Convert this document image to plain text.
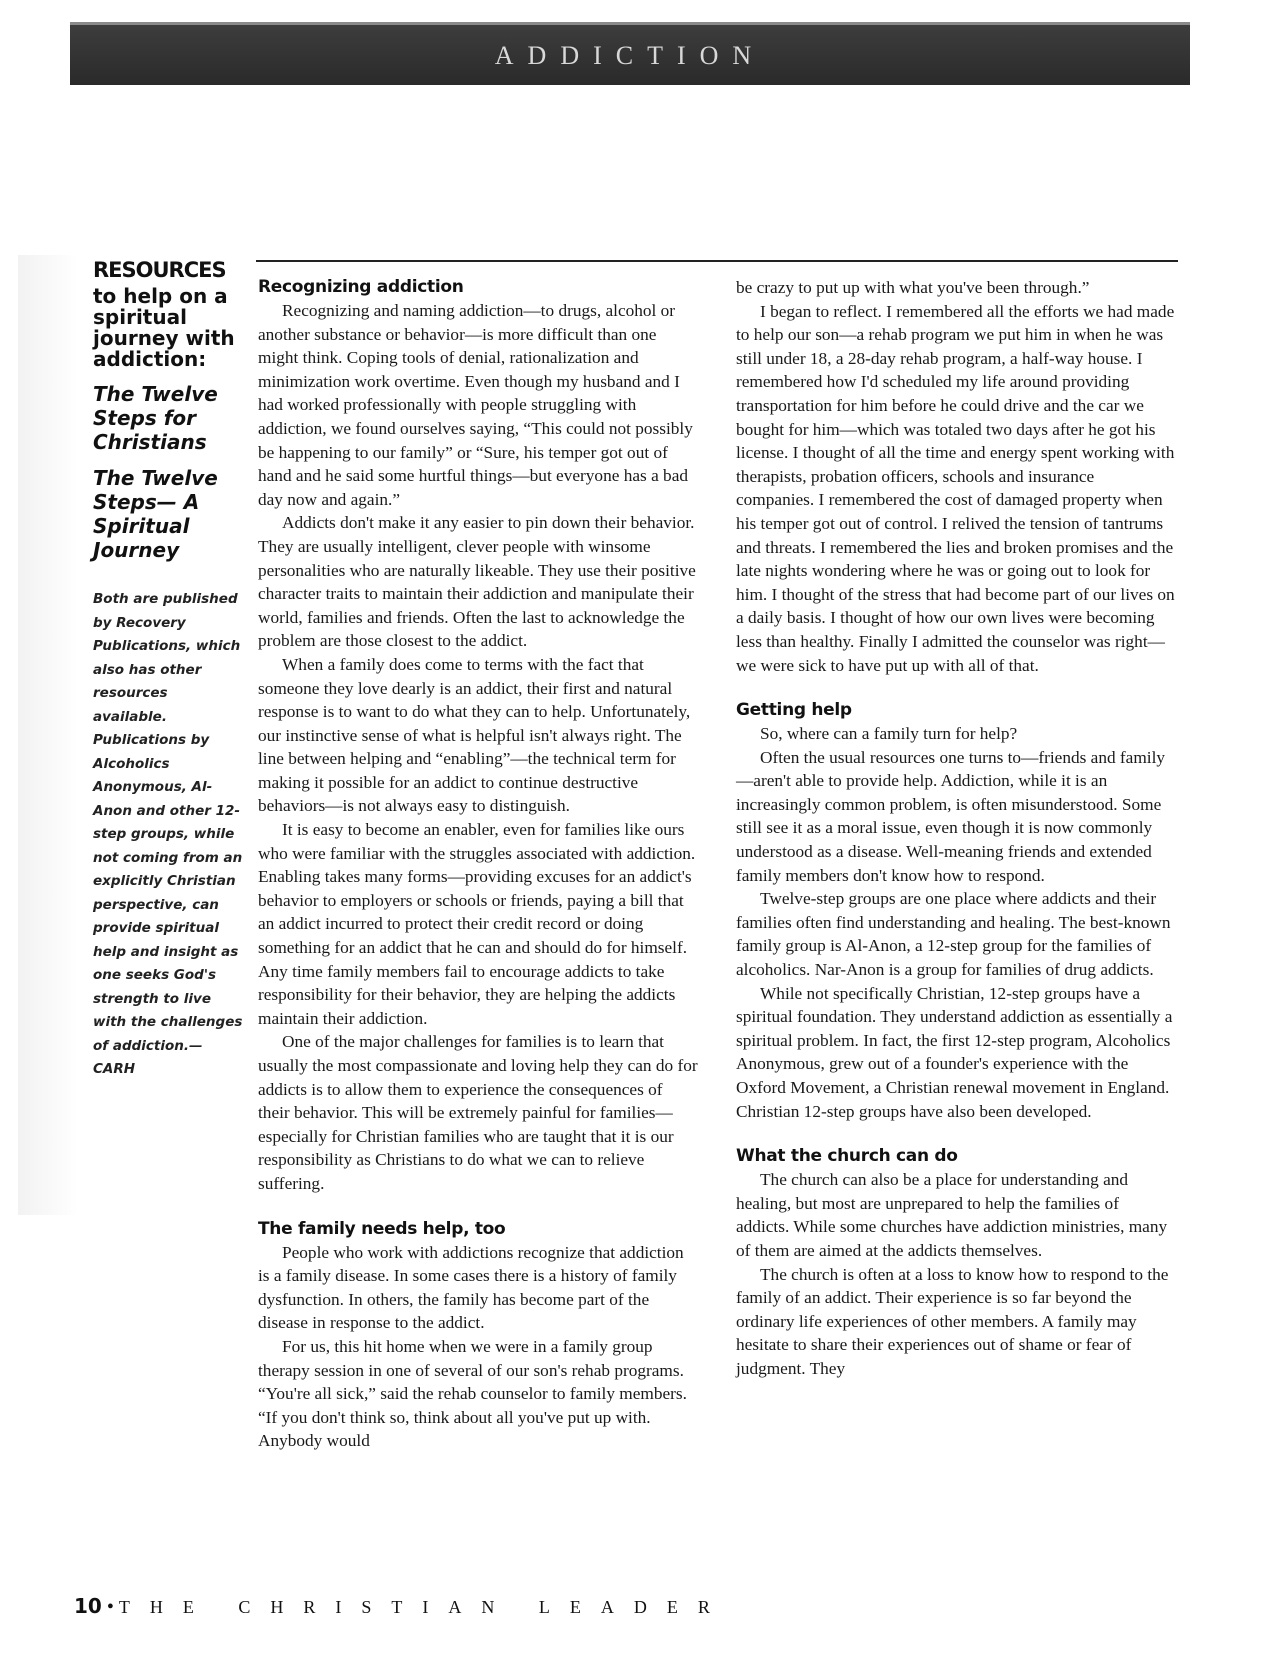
ADDICTION
RESOURCES
to help on a spiritual journey with addiction:
The Twelve Steps for Christians
The Twelve Steps— A Spiritual Journey
Both are published by Recovery Publications, which also has other resources available. Publications by Alcoholics Anonymous, Al-Anon and other 12-step groups, while not coming from an explicitly Christian perspective, can provide spiritual help and insight as one seeks God's strength to live with the challenges of addiction.—CARH
Recognizing addiction

Recognizing and naming addiction—to drugs, alcohol or another substance or behavior—is more difficult than one might think. Coping tools of denial, rationalization and minimization work overtime. Even though my husband and I had worked professionally with people struggling with addiction, we found ourselves saying, “This could not possibly be happening to our family” or “Sure, his temper got out of hand and he said some hurtful things—but everyone has a bad day now and again.”

Addicts don't make it any easier to pin down their behavior. They are usually intelligent, clever people with winsome personalities who are naturally likeable. They use their positive character traits to maintain their addiction and manipulate their world, families and friends. Often the last to acknowledge the problem are those closest to the addict.

When a family does come to terms with the fact that someone they love dearly is an addict, their first and natural response is to want to do what they can to help. Unfortunately, our instinctive sense of what is helpful isn't always right. The line between helping and “enabling”—the technical term for making it possible for an addict to continue destructive behaviors—is not always easy to distinguish.

It is easy to become an enabler, even for families like ours who were familiar with the struggles associated with addiction. Enabling takes many forms—providing excuses for an addict's behavior to employers or schools or friends, paying a bill that an addict incurred to protect their credit record or doing something for an addict that he can and should do for himself. Any time family members fail to encourage addicts to take responsibility for their behavior, they are helping the addicts maintain their addiction.

One of the major challenges for families is to learn that usually the most compassionate and loving help they can do for addicts is to allow them to experience the consequences of their behavior. This will be extremely painful for families—especially for Christian families who are taught that it is our responsibility as Christians to do what we can to relieve suffering.

The family needs help, too

People who work with addictions recognize that addiction is a family disease. In some cases there is a history of family dysfunction. In others, the family has become part of the disease in response to the addict.

For us, this hit home when we were in a family group therapy session in one of several of our son's rehab programs. “You're all sick,” said the rehab counselor to family members. “If you don't think so, think about all you've put up with. Anybody would

be crazy to put up with what you've been through.”

I began to reflect. I remembered all the efforts we had made to help our son—a rehab program we put him in when he was still under 18, a 28-day rehab program, a half-way house. I remembered how I'd scheduled my life around providing transportation for him before he could drive and the car we bought for him—which was totaled two days after he got his license. I thought of all the time and energy spent working with therapists, probation officers, schools and insurance companies. I remembered the cost of damaged property when his temper got out of control. I relived the tension of tantrums and threats. I remembered the lies and broken promises and the late nights wondering where he was or going out to look for him. I thought of the stress that had become part of our lives on a daily basis. I thought of how our own lives were becoming less than healthy. Finally I admitted the counselor was right—we were sick to have put up with all of that.

Getting help

So, where can a family turn for help?

Often the usual resources one turns to—friends and family—aren't able to provide help. Addiction, while it is an increasingly common problem, is often misunderstood. Some still see it as a moral issue, even though it is now commonly understood as a disease. Well-meaning friends and extended family members don't know how to respond.

Twelve-step groups are one place where addicts and their families often find understanding and healing. The best-known family group is Al-Anon, a 12-step group for the families of alcoholics. Nar-Anon is a group for families of drug addicts.

While not specifically Christian, 12-step groups have a spiritual foundation. They understand addiction as essentially a spiritual problem. In fact, the first 12-step program, Alcoholics Anonymous, grew out of a founder's experience with the Oxford Movement, a Christian renewal movement in England. Christian 12-step groups have also been developed.

What the church can do

The church can also be a place for understanding and healing, but most are unprepared to help the families of addicts. While some churches have addiction ministries, many of them are aimed at the addicts themselves.

The church is often at a loss to know how to respond to the family of an addict. Their experience is so far beyond the ordinary life experiences of other members. A family may hesitate to share their experiences out of shame or fear of judgment. They

10 • THE CHRISTIAN LEADER
